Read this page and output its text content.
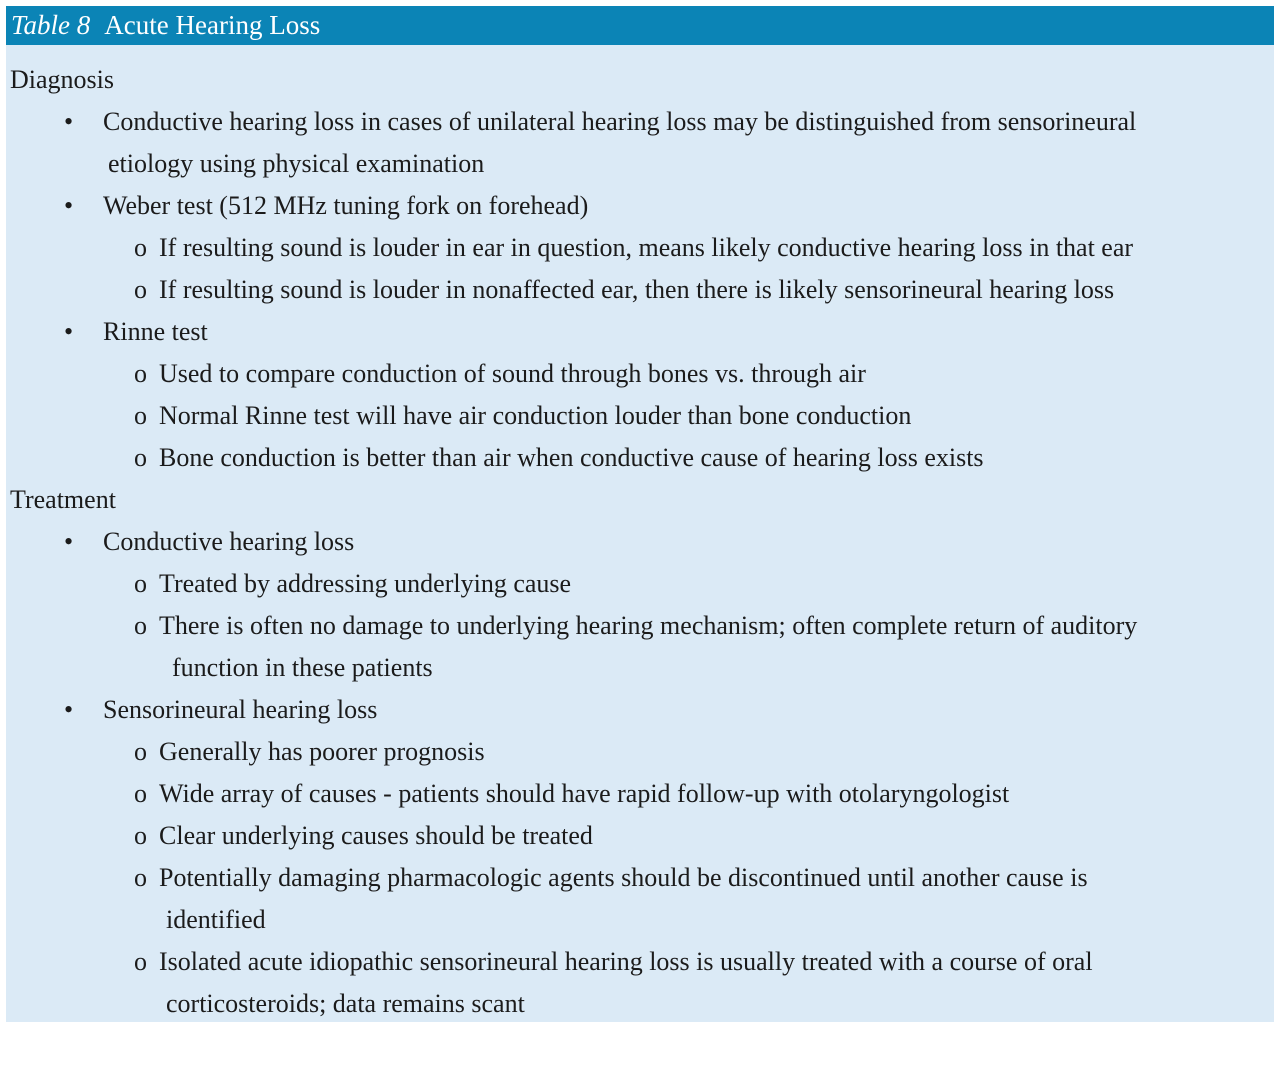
Table 8 Acute Hearing Loss
Diagnosis
• Conductive hearing loss in cases of unilateral hearing loss may be distinguished from sensorineural
etiology using physical examination
• Weber test (512 MHz tuning fork on forehead)
o If resulting sound is louder in ear in question, means likely conductive hearing loss in that ear
o If resulting sound is louder in nonaffected ear, then there is likely sensorineural hearing loss
• Rinne test
o Used to compare conduction of sound through bones vs. through air
o Normal Rinne test will have air conduction louder than bone conduction
o Bone conduction is better than air when conductive cause of hearing loss exists
Treatment
• Conductive hearing loss
o Treated by addressing underlying cause
o There is often no damage to underlying hearing mechanism; often complete return of auditory
function in these patients
• Sensorineural hearing loss
o Generally has poorer prognosis
o Wide array of causes - patients should have rapid follow-up with otolaryngologist
o Clear underlying causes should be treated
o Potentially damaging pharmacologic agents should be discontinued until another cause is
identified
o Isolated acute idiopathic sensorineural hearing loss is usually treated with a course of oral
corticosteroids; data remains scant
